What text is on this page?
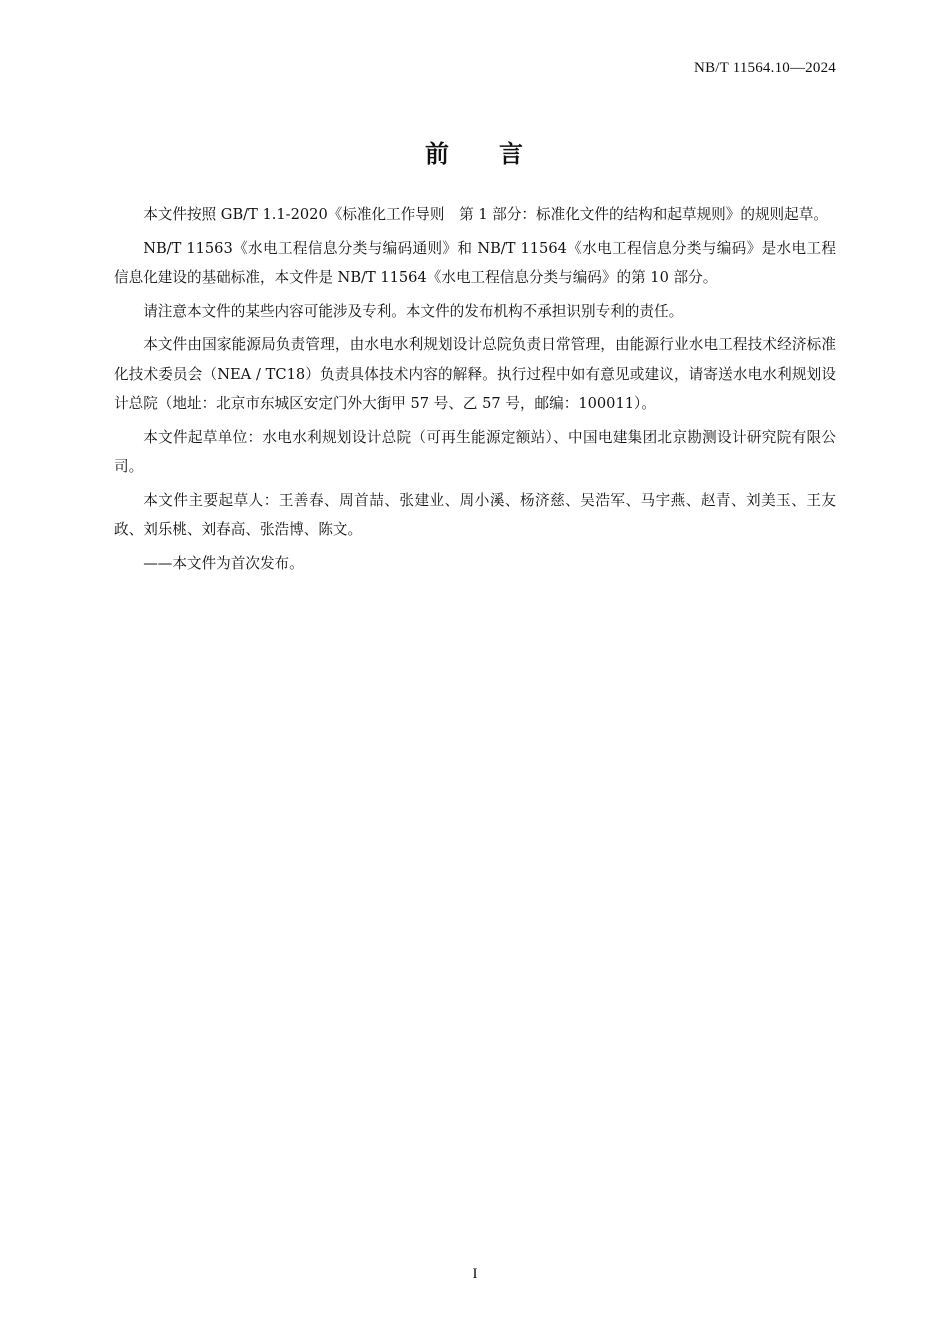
NB/T 11564.10—2024
前 言

本文件按照 GB/T 1.1-2020《标准化工作导则　第 1 部分：标准化文件的结构和起草规则》的规则起草。

NB/T 11563《水电工程信息分类与编码通则》和 NB/T 11564《水电工程信息分类与编码》是水电工程信息化建设的基础标准，本文件是 NB/T 11564《水电工程信息分类与编码》的第 10 部分。

请注意本文件的某些内容可能涉及专利。本文件的发布机构不承担识别专利的责任。

本文件由国家能源局负责管理，由水电水利规划设计总院负责日常管理，由能源行业水电工程技术经济标准化技术委员会（NEA / TC18）负责具体技术内容的解释。执行过程中如有意见或建议，请寄送水电水利规划设计总院（地址：北京市东城区安定门外大街甲 57 号、乙 57 号，邮编：100011）。

本文件起草单位：水电水利规划设计总院（可再生能源定额站）、中国电建集团北京勘测设计研究院有限公司。

本文件主要起草人：王善春、周首喆、张建业、周小溪、杨济慈、吴浩军、马宇燕、赵青、刘美玉、王友政、刘乐桃、刘春高、张浩博、陈文。

——本文件为首次发布。

I
